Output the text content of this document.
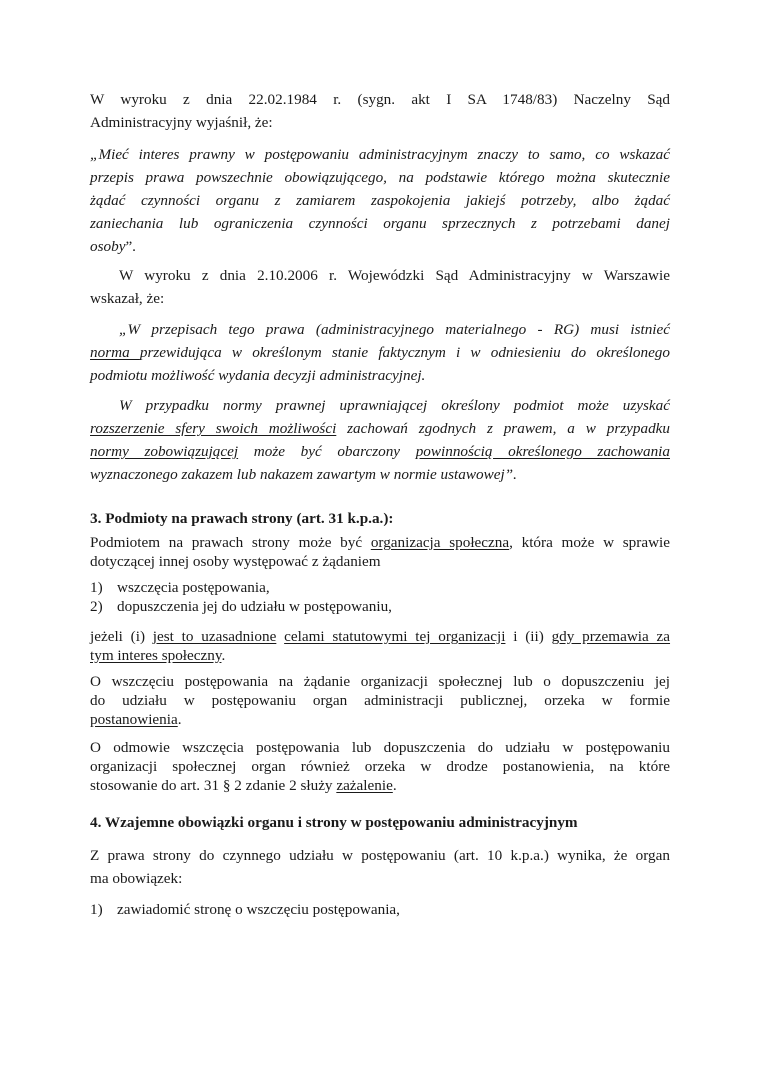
W wyroku z dnia 22.02.1984 r. (sygn. akt I SA 1748/83) Naczelny Sąd

Administracyjny wyjaśnił, że:

„Mieć interes prawny w postępowaniu administracyjnym znaczy to samo, co wskazać

przepis prawa powszechnie obowiązującego, na podstawie którego można skutecznie

żądać czynności organu z zamiarem zaspokojenia jakiejś potrzeby, albo żądać

zaniechania lub ograniczenia czynności organu sprzecznych z potrzebami danej

osoby”.

W wyroku z dnia 2.10.2006 r. Wojewódzki Sąd Administracyjny w Warszawie

wskazał, że:

„W przepisach tego prawa (administracyjnego materialnego - RG) musi istnieć

norma przewidująca w określonym stanie faktycznym i w odniesieniu do określonego

podmiotu możliwość wydania decyzji administracyjnej.

W przypadku normy prawnej uprawniającej określony podmiot może uzyskać

rozszerzenie sfery swoich możliwości zachowań zgodnych z prawem, a w przypadku

normy zobowiązującej może być obarczony powinnością określonego zachowania

wyznaczonego zakazem lub nakazem zawartym w normie ustawowej”.

3. Podmioty na prawach strony (art. 31 k.p.a.):

Podmiotem na prawach strony może być organizacja społeczna, która może w sprawie

dotyczącej innej osoby występować z żądaniem

1) wszczęcia postępowania,
2) dopuszczenia jej do udziału w postępowaniu,

jeżeli (i) jest to uzasadnione celami statutowymi tej organizacji i (ii) gdy przemawia za

tym interes społeczny.

O wszczęciu postępowania na żądanie organizacji społecznej lub o dopuszczeniu jej

do udziału w postępowaniu organ administracji publicznej, orzeka w formie

postanowienia.

O odmowie wszczęcia postępowania lub dopuszczenia do udziału w postępowaniu

organizacji społecznej organ również orzeka w drodze postanowienia, na które

stosowanie do art. 31 § 2 zdanie 2 służy zażalenie.

4. Wzajemne obowiązki organu i strony w postępowaniu administracyjnym

Z prawa strony do czynnego udziału w postępowaniu (art. 10 k.p.a.) wynika, że organ

ma obowiązek:

1) zawiadomić stronę o wszczęciu postępowania,
